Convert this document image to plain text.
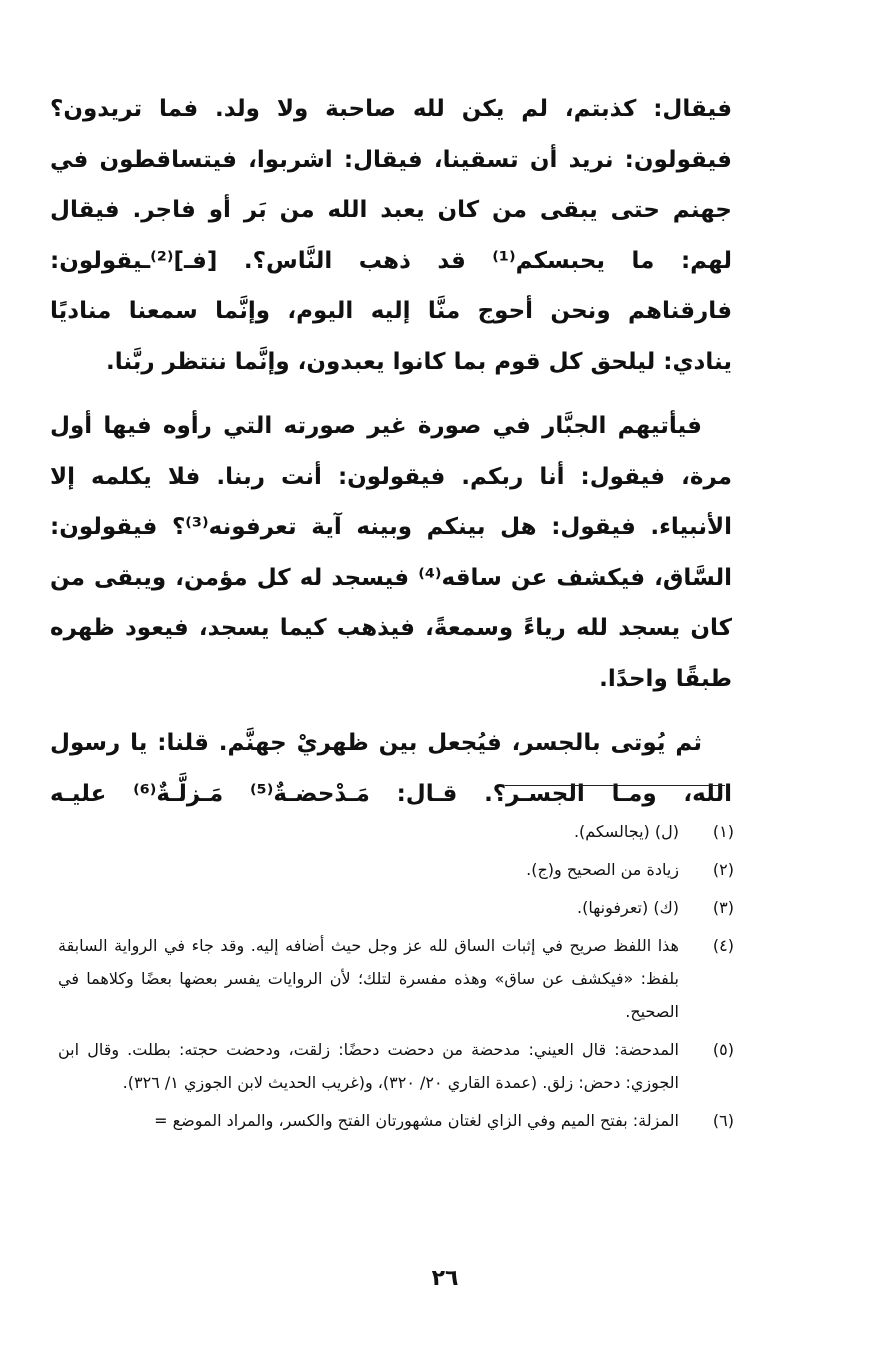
فيقال: كذبتم، لم يكن لله صاحبة ولا ولد. فما تريدون؟ فيقولون: نريد أن تسقينا، فيقال: اشربوا، فيتساقطون في جهنم حتى يبقى من كان يعبد الله من بَر أو فاجر. فيقال لهم: ما يحبسكم⁽¹⁾ قد ذهب النَّاس؟. [فـ]⁽²⁾ـيقولون: فارقناهم ونحن أحوج منَّا إليه اليوم، وإنَّما سمعنا مناديًا ينادي: ليلحق كل قوم بما كانوا يعبدون، وإنَّما ننتظر ربَّنا.

فيأتيهم الجبَّار في صورة غير صورته التي رأوه فيها أول مرة، فيقول: أنا ربكم. فيقولون: أنت ربنا. فلا يكلمه إلا الأنبياء. فيقول: هل بينكم وبينه آية تعرفونه⁽³⁾؟ فيقولون: السَّاق، فيكشف عن ساقه⁽⁴⁾ فيسجد له كل مؤمن، ويبقى من كان يسجد لله رياءً وسمعةً، فيذهب كيما يسجد، فيعود ظهره طبقًا واحدًا.

ثم يُوتى بالجسر، فيُجعل بين ظهريْ جهنَّم. قلنا: يا رسول الله، ومـا الجسـر؟. قـال: مَـدْحضـةٌ⁽⁵⁾ مَـزلَّـةٌ⁽⁶⁾ عليـه

(١)
(ل) (يجالسكم).
(٢)
زيادة من الصحيح و(ج).
(٣)
(ك) (تعرفونها).
(٤)
هذا اللفظ صريح في إثبات الساق لله عز وجل حيث أضافه إليه. وقد جاء في الرواية السابقة بلفظ: «فيكشف عن ساق» وهذه مفسرة لتلك؛ لأن الروايات يفسر بعضها بعضًا وكلاهما في الصحيح.
(٥)
المدحضة: قال العيني: مدحضة من دحضت دحضًا: زلقت، ودحضت حجته: بطلت. وقال ابن الجوزي: دحض: زلق. (عمدة القاري ٢٠/ ٣٢٠)، و(غريب الحديث لابن الجوزي ١/ ٣٢٦).
(٦)
المزلة: بفتح الميم وفي الزاي لغتان مشهورتان الفتح والكسر، والمراد الموضع =
٢٦
